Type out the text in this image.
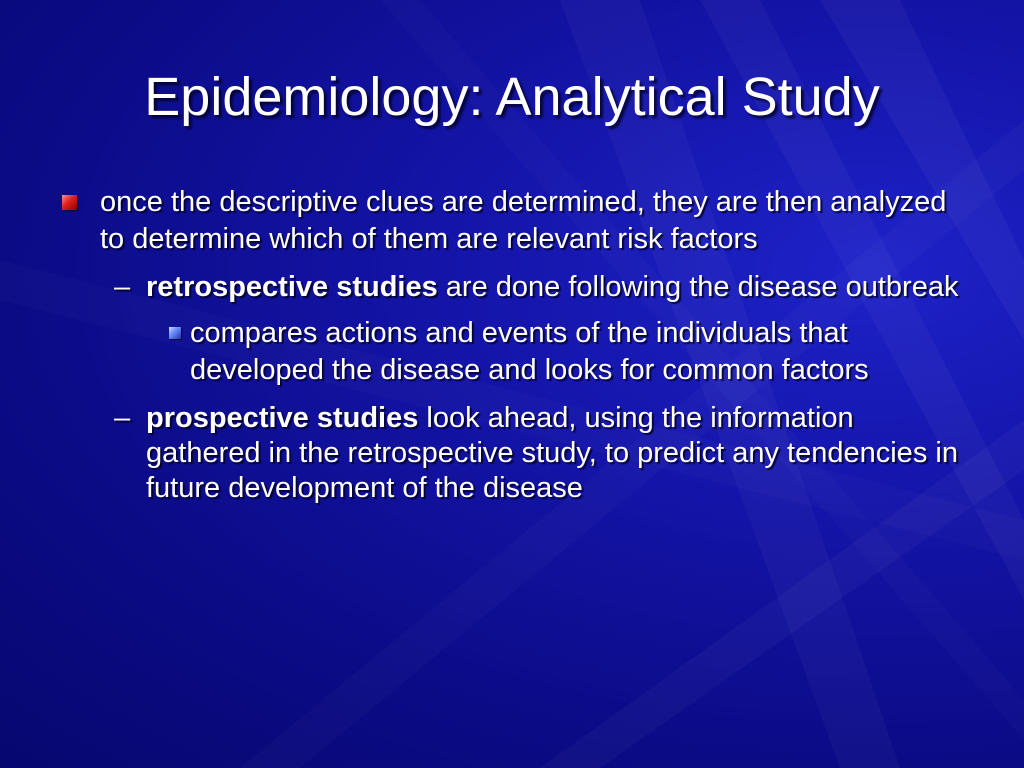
Epidemiology: Analytical Study
once the descriptive clues are determined, they are then analyzed to determine which of them are relevant risk factors
– retrospective studies are done following the disease outbreak
compares actions and events of the individuals that developed the disease and looks for common factors
– prospective studies look ahead, using the information gathered in the retrospective study, to predict any tendencies in future development of the disease
